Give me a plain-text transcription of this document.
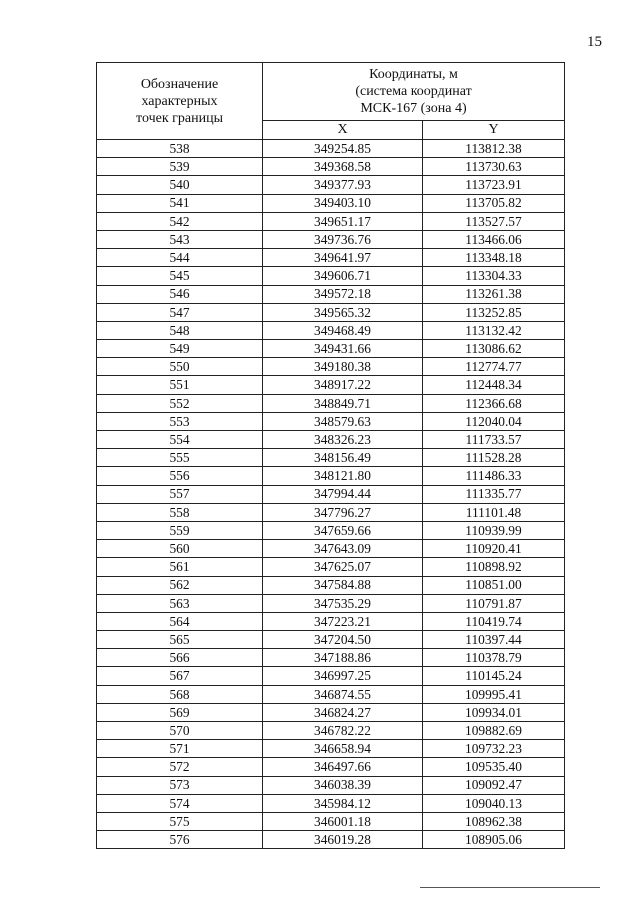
15
Обозначение
характерных
точек границы	Координаты, м
(система координат
МСК-167 (зона 4)	

	X	Y
538	349254.85	113812.38
539	349368.58	113730.63
540	349377.93	113723.91
541	349403.10	113705.82
542	349651.17	113527.57
543	349736.76	113466.06
544	349641.97	113348.18
545	349606.71	113304.33
546	349572.18	113261.38
547	349565.32	113252.85
548	349468.49	113132.42
549	349431.66	113086.62
550	349180.38	112774.77
551	348917.22	112448.34
552	348849.71	112366.68
553	348579.63	112040.04
554	348326.23	111733.57
555	348156.49	111528.28
556	348121.80	111486.33
557	347994.44	111335.77
558	347796.27	111101.48
559	347659.66	110939.99
560	347643.09	110920.41
561	347625.07	110898.92
562	347584.88	110851.00
563	347535.29	110791.87
564	347223.21	110419.74
565	347204.50	110397.44
566	347188.86	110378.79
567	346997.25	110145.24
568	346874.55	109995.41
569	346824.27	109934.01
570	346782.22	109882.69
571	346658.94	109732.23
572	346497.66	109535.40
573	346038.39	109092.47
574	345984.12	109040.13
575	346001.18	108962.38
576	346019.28	108905.06
